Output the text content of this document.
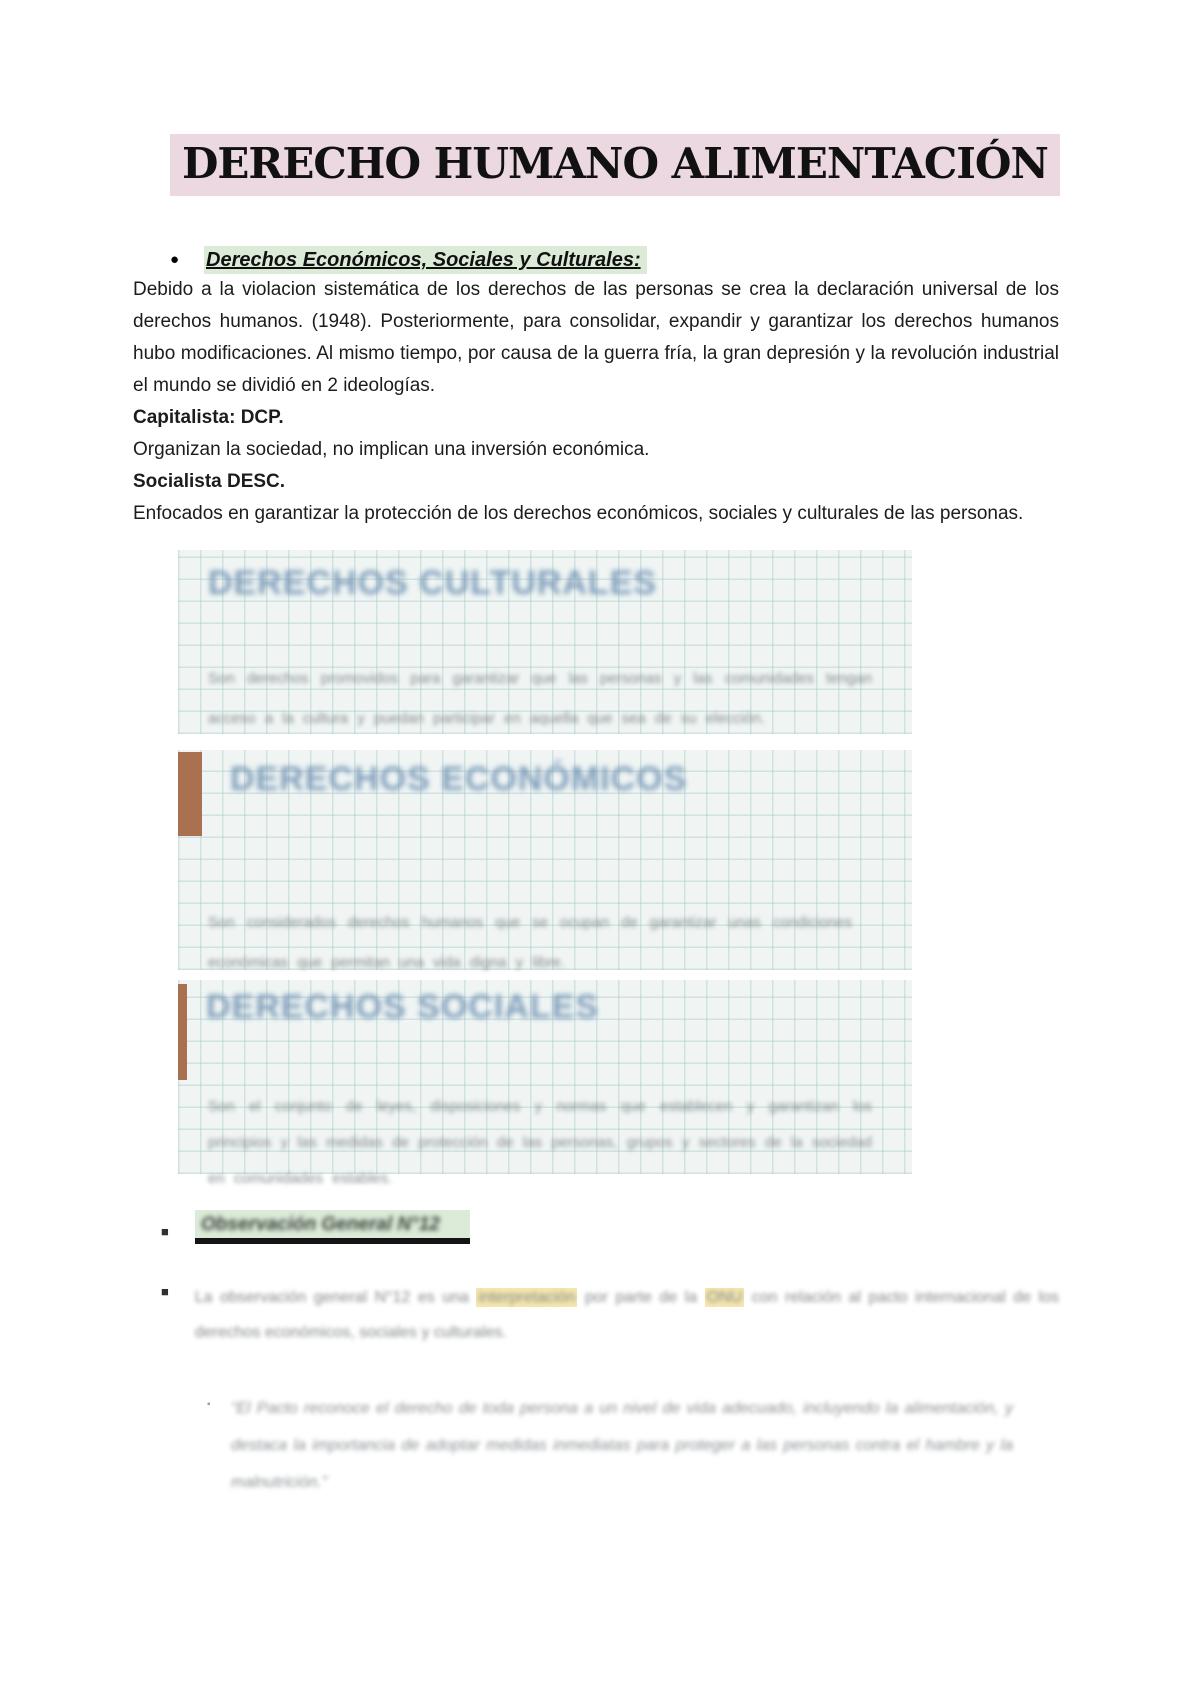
DERECHO HUMANO ALIMENTACIÓN
●	Derechos Económicos, Sociales y Culturales:

Debido a la violacion sistemática de los derechos de las personas se crea la declaración universal de los derechos humanos. (1948). Posteriormente, para consolidar, expandir y garantizar los derechos humanos hubo modificaciones. Al mismo tiempo, por causa de la guerra fría, la gran depresión y la revolución industrial el mundo se dividió en 2 ideologías.

Capitalista: DCP.

Organizan la sociedad, no implican una inversión económica.

Socialista DESC.

Enfocados en garantizar la protección de los derechos económicos, sociales y culturales de las personas.

DERECHOS CULTURALES
Son derechos promovidos para garantizar que las personas y las comunidades tengan acceso a la cultura y puedan participar en aquella que sea de su elección.
DERECHOS ECONÓMICOS
Son considerados derechos humanos que se ocupan de garantizar unas condiciones económicas que permitan una vida digna y libre.
DERECHOS SOCIALES
Son el conjunto de leyes, disposiciones y normas que establecen y garantizan los principios y las medidas de protección de las personas, grupos y sectores de la sociedad en comunidades estables.
■	Observación General N°12
■	La observación general N°12 es una interpretación por parte de la ONU con relación al pacto internacional de los derechos económicos, sociales y culturales.
▪	“El Pacto reconoce el derecho de toda persona a un nivel de vida adecuado, incluyendo la alimentación, y destaca la importancia de adoptar medidas inmediatas para proteger a las personas contra el hambre y la malnutrición.”
